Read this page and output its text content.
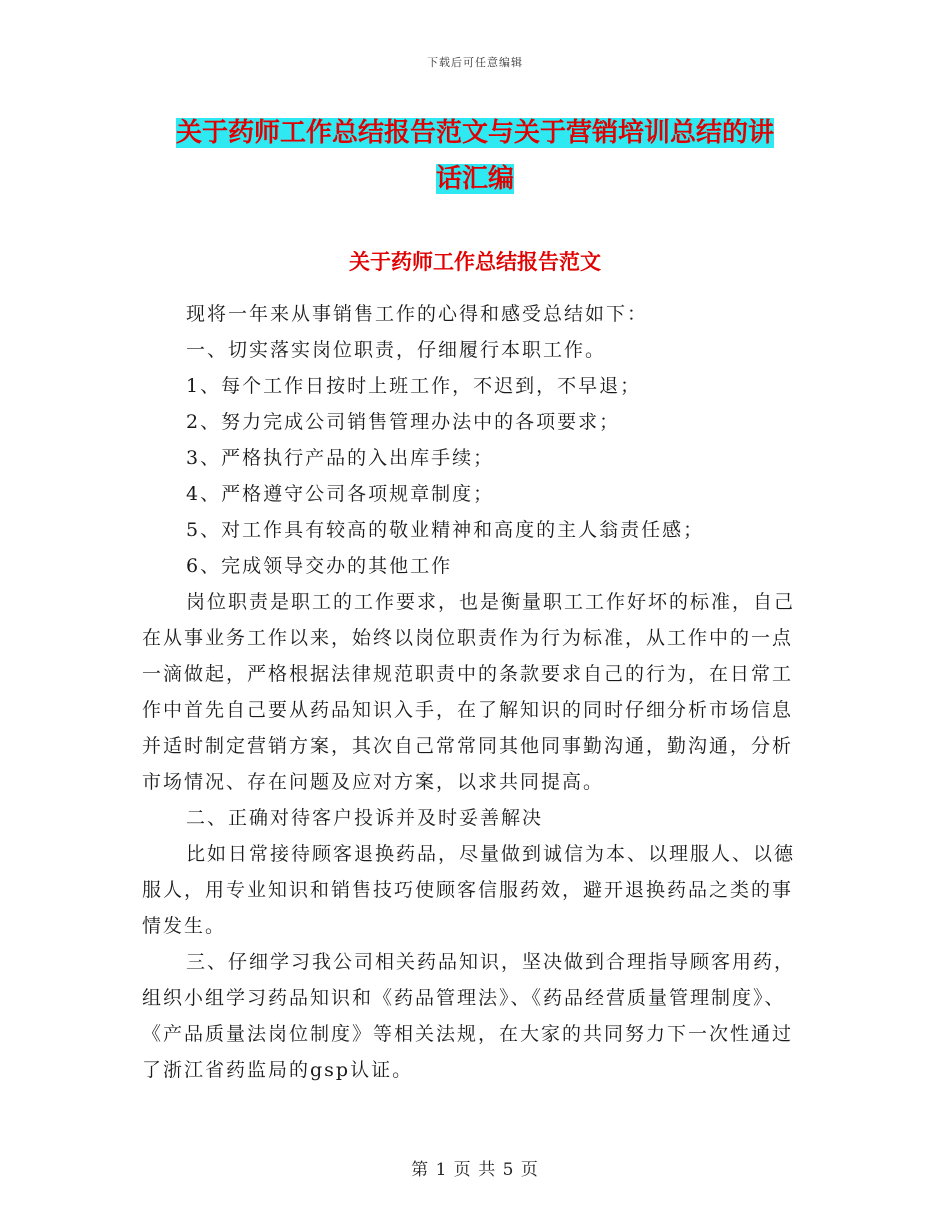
下载后可任意编辑
关于药师工作总结报告范文与关于营销培训总结的讲
话汇编
关于药师工作总结报告范文

现将一年来从事销售工作的心得和感受总结如下：

一、切实落实岗位职责，仔细履行本职工作。

1、每个工作日按时上班工作，不迟到，不早退；

2、努力完成公司销售管理办法中的各项要求；

3、严格执行产品的入出库手续；

4、严格遵守公司各项规章制度；

5、对工作具有较高的敬业精神和高度的主人翁责任感；

6、完成领导交办的其他工作

岗位职责是职工的工作要求，也是衡量职工工作好坏的标准，自己在从事业务工作以来，始终以岗位职责作为行为标准，从工作中的一点一滴做起，严格根据法律规范职责中的条款要求自己的行为，在日常工作中首先自己要从药品知识入手，在了解知识的同时仔细分析市场信息并适时制定营销方案，其次自己常常同其他同事勤沟通，勤沟通，分析市场情况、存在问题及应对方案，以求共同提高。

二、正确对待客户投诉并及时妥善解决

比如日常接待顾客退换药品，尽量做到诚信为本、以理服人、以德服人，用专业知识和销售技巧使顾客信服药效，避开退换药品之类的事情发生。

三、仔细学习我公司相关药品知识，坚决做到合理指导顾客用药，组织小组学习药品知识和《药品管理法》、《药品经营质量管理制度》、《产品质量法岗位制度》等相关法规，在大家的共同努力下一次性通过了浙江省药监局的gsp认证。

第 1 页 共 5 页
